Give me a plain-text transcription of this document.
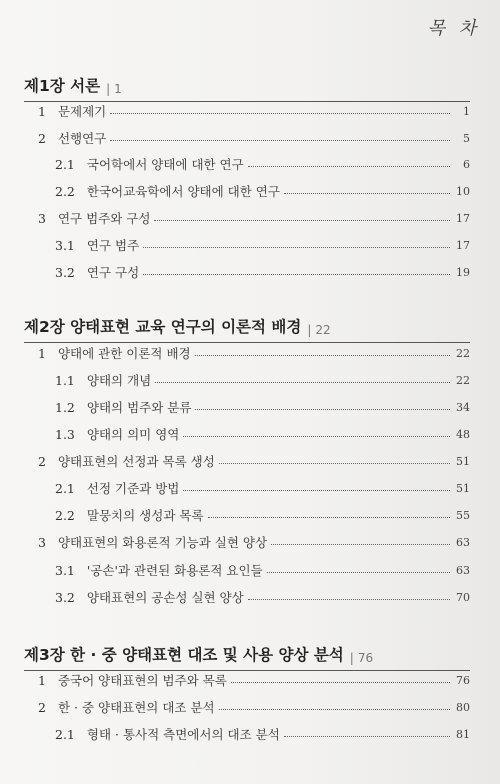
목 차
제1장 서론 | 1
1 문제제기	1
2 선행연구	5
2.1 국어학에서 양태에 대한 연구	6
2.2 한국어교육학에서 양태에 대한 연구	10
3 연구 범주와 구성	17
3.1 연구 범주	17
3.2 연구 구성	19
제2장 양태표현 교육 연구의 이론적 배경 | 22
1 양태에 관한 이론적 배경	22
1.1 양태의 개념	22
1.2 양태의 범주와 분류	34
1.3 양태의 의미 영역	48
2 양태표현의 선정과 목록 생성	51
2.1 선정 기준과 방법	51
2.2 말뭉치의 생성과 목록	55
3 양태표현의 화용론적 기능과 실현 양상	63
3.1 '공손'과 관련된 화용론적 요인들	63
3.2 양태표현의 공손성 실현 양상	70
제3장 한 · 중 양태표현 대조 및 사용 양상 분석 | 76
1 중국어 양태표현의 범주와 목록	76
2 한 · 중 양태표현의 대조 분석	80
2.1 형태 · 통사적 측면에서의 대조 분석	81
